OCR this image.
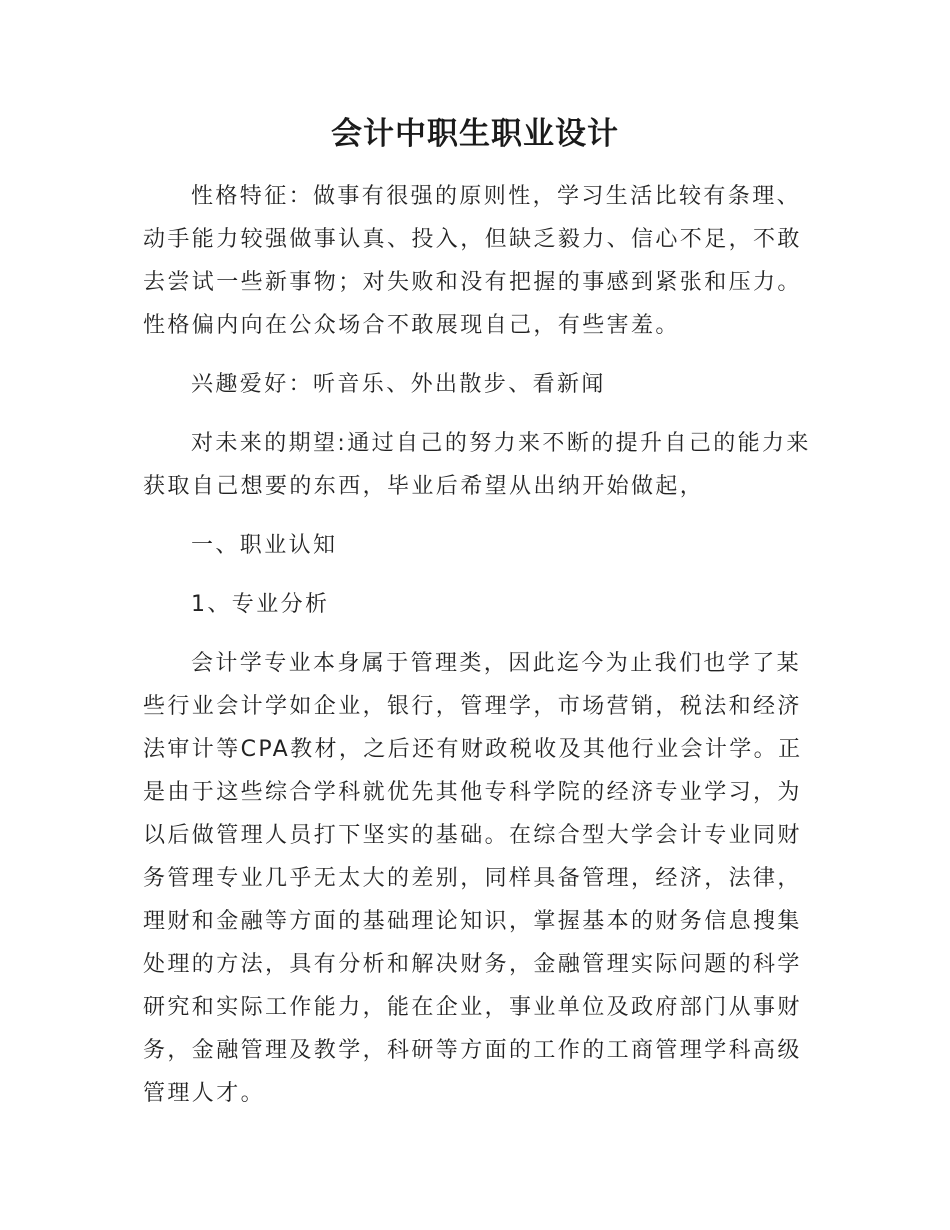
会计中职生职业设计

性格特征：做事有很强的原则性，学习生活比较有条理、动手能力较强做事认真、投入，但缺乏毅力、信心不足，不敢去尝试一些新事物；对失败和没有把握的事感到紧张和压力。性格偏内向在公众场合不敢展现自己，有些害羞。

兴趣爱好：听音乐、外出散步、看新闻

对未来的期望:通过自己的努力来不断的提升自己的能力来获取自己想要的东西，毕业后希望从出纳开始做起，

一、职业认知

1、专业分析

会计学专业本身属于管理类，因此迄今为止我们也学了某些行业会计学如企业，银行，管理学，市场营销，税法和经济法审计等CPA教材，之后还有财政税收及其他行业会计学。正是由于这些综合学科就优先其他专科学院的经济专业学习，为以后做管理人员打下坚实的基础。在综合型大学会计专业同财务管理专业几乎无太大的差别，同样具备管理，经济，法律，理财和金融等方面的基础理论知识，掌握基本的财务信息搜集处理的方法，具有分析和解决财务，金融管理实际问题的科学研究和实际工作能力，能在企业，事业单位及政府部门从事财务，金融管理及教学，科研等方面的工作的工商管理学科高级管理人才。
